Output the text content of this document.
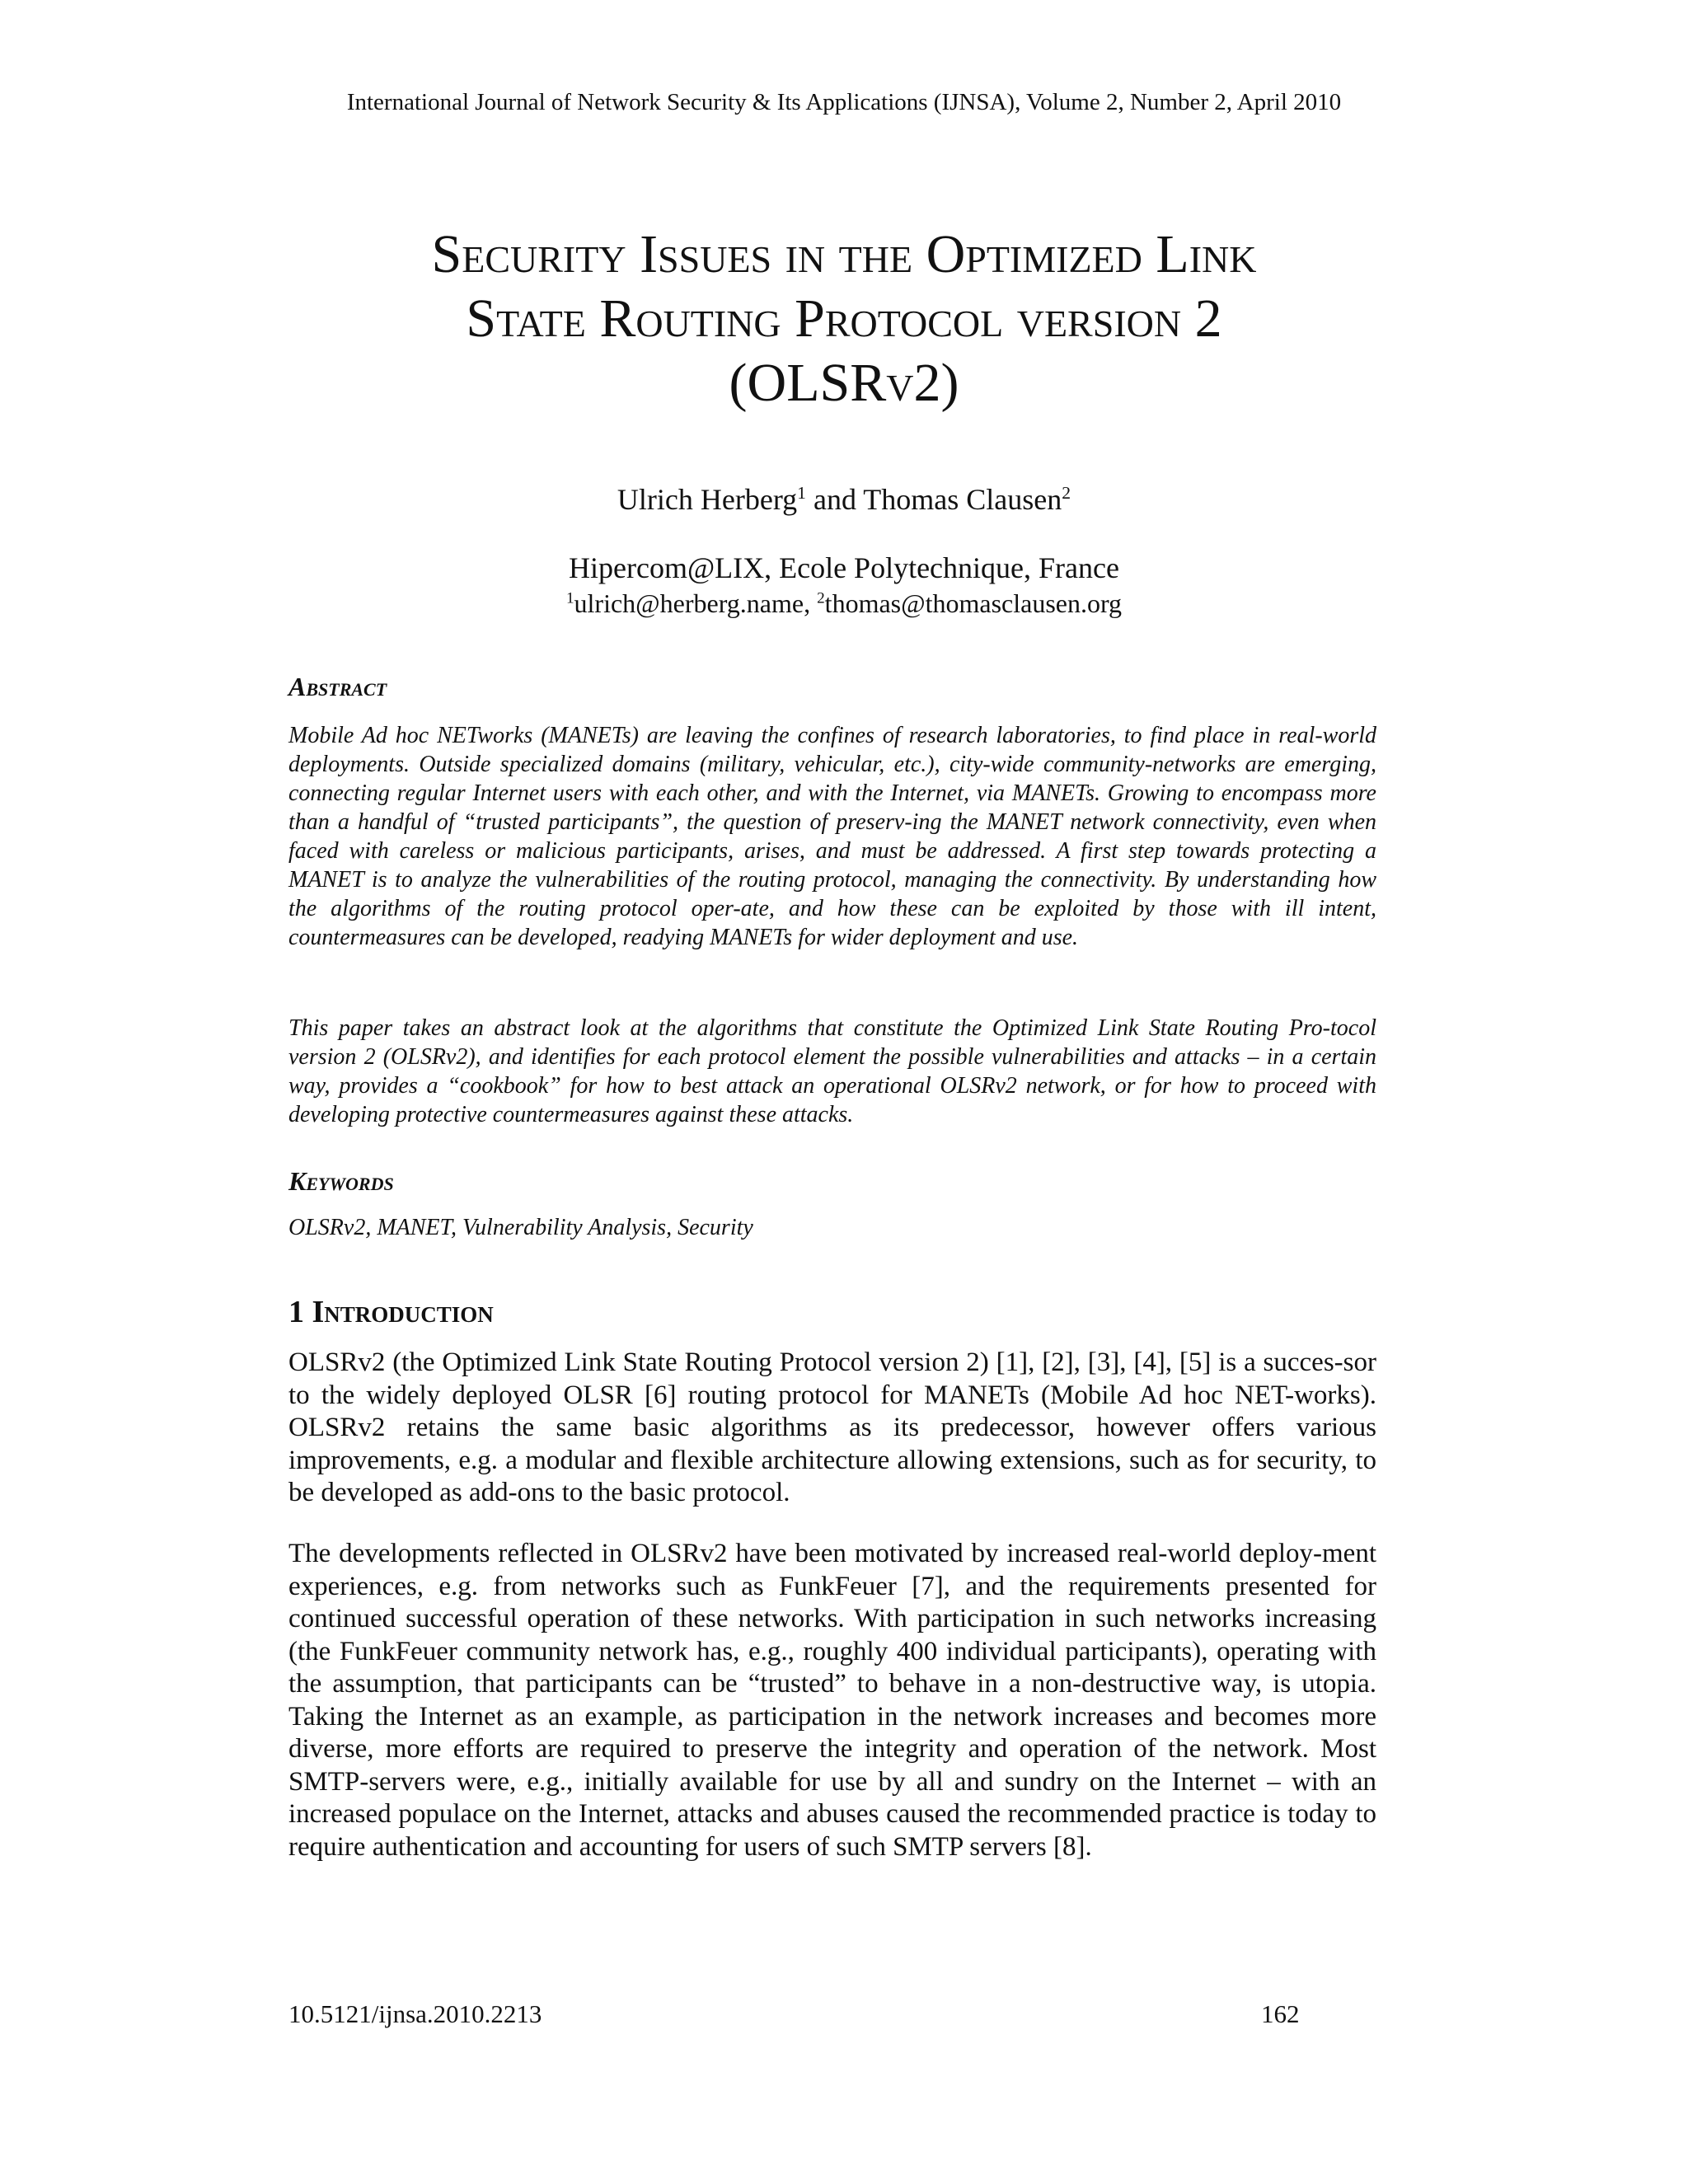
International Journal of Network Security & Its Applications (IJNSA), Volume 2, Number 2, April 2010
Security Issues in the Optimized Link
State Routing Protocol version 2
(OLSRv2)
Ulrich Herberg$^1$ and Thomas Clausen$^2$
Hipercom@LIX, Ecole Polytechnique, France
$^1$ulrich@herberg.name, $^2$thomas@thomasclausen.org
Abstract
Mobile Ad hoc NETworks (MANETs) are leaving the confines of research laboratories, to find place in real-world deployments. Outside specialized domains (military, vehicular, etc.), city-wide community-networks are emerging, connecting regular Internet users with each other, and with the Internet, via MANETs. Growing to encompass more than a handful of “trusted participants”, the question of preserv-ing the MANET network connectivity, even when faced with careless or malicious participants, arises, and must be addressed. A first step towards protecting a MANET is to analyze the vulnerabilities of the routing protocol, managing the connectivity. By understanding how the algorithms of the routing protocol oper-ate, and how these can be exploited by those with ill intent, countermeasures can be developed, readying MANETs for wider deployment and use.
This paper takes an abstract look at the algorithms that constitute the Optimized Link State Routing Pro-tocol version 2 (OLSRv2), and identifies for each protocol element the possible vulnerabilities and attacks – in a certain way, provides a “cookbook” for how to best attack an operational OLSRv2 network, or for how to proceed with developing protective countermeasures against these attacks.
Keywords
OLSRv2, MANET, Vulnerability Analysis, Security
1 Introduction
OLSRv2 (the Optimized Link State Routing Protocol version 2) [1], [2], [3], [4], [5] is a succes-sor to the widely deployed OLSR [6] routing protocol for MANETs (Mobile Ad hoc NET-works). OLSRv2 retains the same basic algorithms as its predecessor, however offers various improvements, e.g. a modular and flexible architecture allowing extensions, such as for security, to be developed as add-ons to the basic protocol.
The developments reflected in OLSRv2 have been motivated by increased real-world deploy-ment experiences, e.g. from networks such as FunkFeuer [7], and the requirements presented for continued successful operation of these networks. With participation in such networks increasing (the FunkFeuer community network has, e.g., roughly 400 individual participants), operating with the assumption, that participants can be “trusted” to behave in a non-destructive way, is utopia. Taking the Internet as an example, as participation in the network increases and becomes more diverse, more efforts are required to preserve the integrity and operation of the network. Most SMTP-servers were, e.g., initially available for use by all and sundry on the Internet – with an increased populace on the Internet, attacks and abuses caused the recommended practice is today to require authentication and accounting for users of such SMTP servers [8].
10.5121/ijnsa.2010.2213	162
